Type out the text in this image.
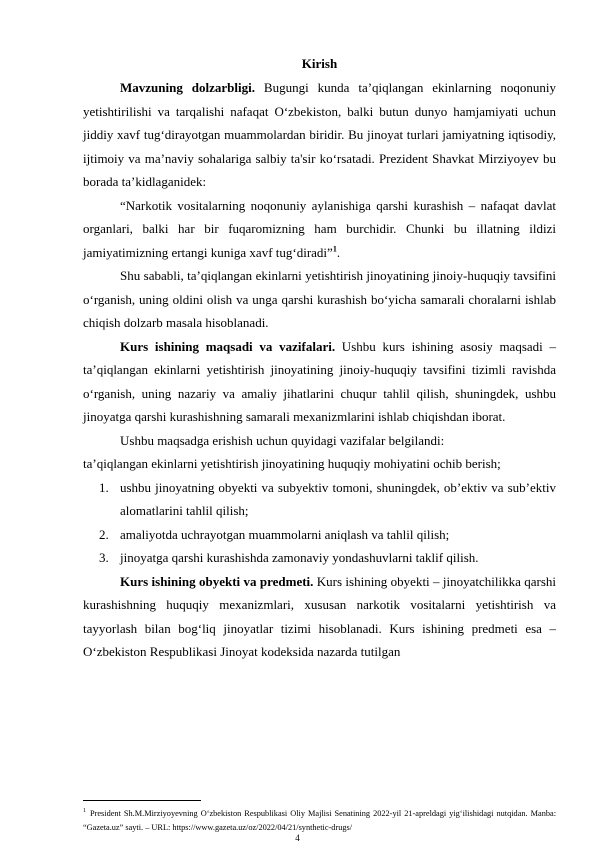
Kirish

Mavzuning dolzarbligi. Bugungi kunda ta’qiqlangan ekinlarning noqonuniy yetishtirilishi va tarqalishi nafaqat O‘zbekiston, balki butun dunyo hamjamiyati uchun jiddiy xavf tug‘dirayotgan muammolardan biridir. Bu jinoyat turlari jamiyatning iqtisodiy, ijtimoiy va ma’naviy sohalariga salbiy ta'sir ko‘rsatadi. Prezident Shavkat Mirziyoyev bu borada ta’kidlaganidek:

“Narkotik vositalarning noqonuniy aylanishiga qarshi kurashish – nafaqat davlat organlari, balki har bir fuqaromizning ham burchidir. Chunki bu illatning ildizi jamiyatimizning ertangi kuniga xavf tug‘diradi”$^1$.

Shu sababli, ta’qiqlangan ekinlarni yetishtirish jinoyatining jinoiy-huquqiy tavsifini o‘rganish, uning oldini olish va unga qarshi kurashish bo‘yicha samarali choralarni ishlab chiqish dolzarb masala hisoblanadi.

Kurs ishining maqsadi va vazifalari. Ushbu kurs ishining asosiy maqsadi – ta’qiqlangan ekinlarni yetishtirish jinoyatining jinoiy-huquqiy tavsifini tizimli ravishda o‘rganish, uning nazariy va amaliy jihatlarini chuqur tahlil qilish, shuningdek, ushbu jinoyatga qarshi kurashishning samarali mexanizmlarini ishlab chiqishdan iborat.

Ushbu maqsadga erishish uchun quyidagi vazifalar belgilandi:

ta’qiqlangan ekinlarni yetishtirish jinoyatining huquqiy mohiyatini ochib berish;

1. ushbu jinoyatning obyekti va subyektiv tomoni, shuningdek, ob’ektiv va sub’ektiv alomatlarini tahlil qilish;
2. amaliyotda uchrayotgan muammolarni aniqlash va tahlil qilish;
3. jinoyatga qarshi kurashishda zamonaviy yondashuvlarni taklif qilish.

Kurs ishining obyekti va predmeti. Kurs ishining obyekti – jinoyatchilikka qarshi kurashishning huquqiy mexanizmlari, xususan narkotik vositalarni yetishtirish va tayyorlash bilan bog‘liq jinoyatlar tizimi hisoblanadi. Kurs ishining predmeti esa – O‘zbekiston Respublikasi Jinoyat kodeksida nazarda tutilgan

$^1$ President Sh.M.Mirziyoyevning O‘zbekiston Respublikasi Oliy Majlisi Senatining 2022-yil 21-apreldagi yig‘ilishidagi nutqidan. Manba: “Gazeta.uz” sayti. – URL: https://www.gazeta.uz/oz/2022/04/21/synthetic-drugs/
4
